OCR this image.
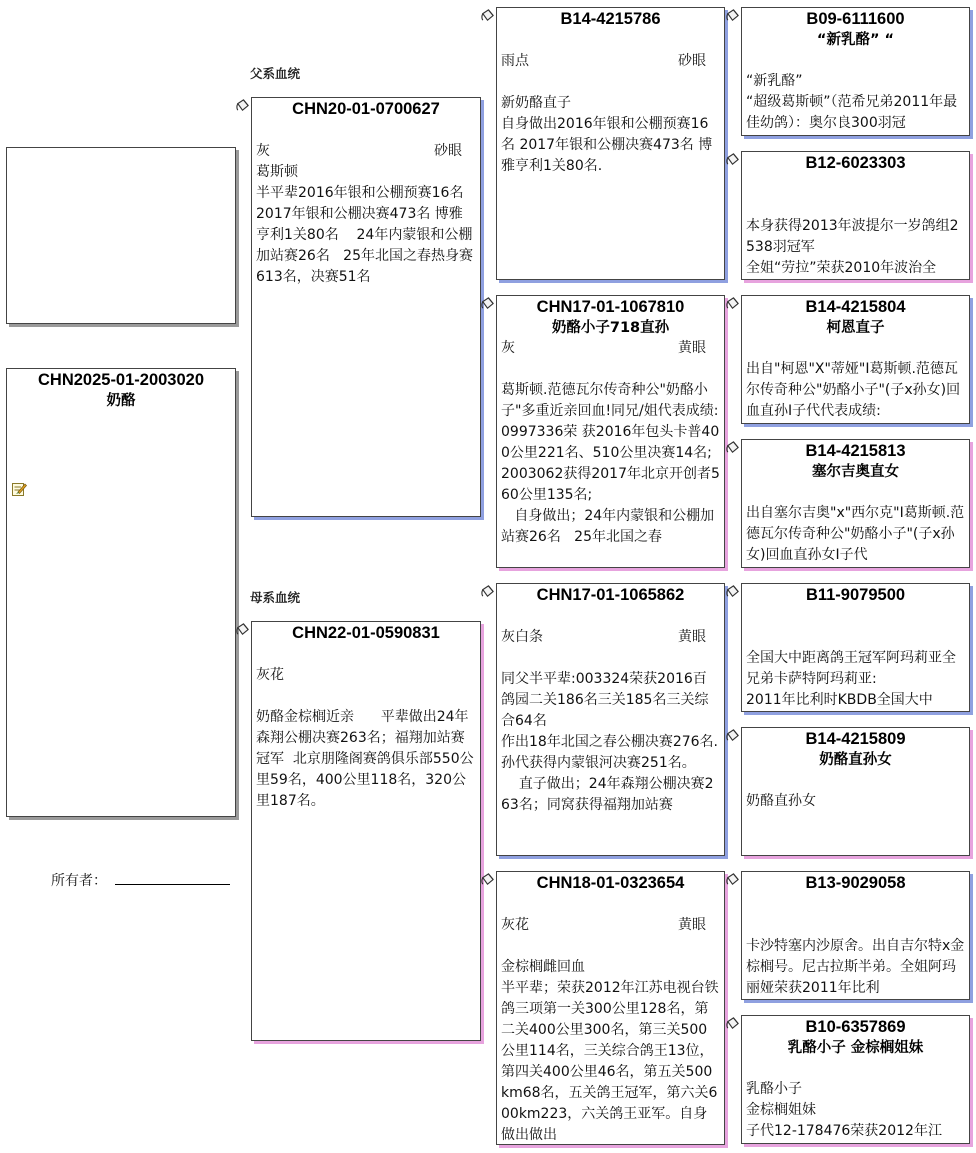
父系血统
母系血统
CHN2025-01-2003020
奶酪
所有者：
CHN20-01-0700627
灰	砂眼
葛斯顿
半平辈2016年银和公棚预赛16名 2017年银和公棚决赛473名 博雅亨利1关80名    24年内蒙银和公棚加站赛26名   25年北国之春热身赛613名，决赛51名
CHN22-01-0590831
灰花
奶酪金棕榈近亲      平辈做出24年森翔公棚决赛263名；福翔加站赛冠军  北京朋隆阁赛鸽俱乐部550公里59名，400公里118名，320公里187名。
B14-4215786
雨点	砂眼
新奶酪直子
自身做出2016年银和公棚预赛16名 2017年银和公棚决赛473名 博雅亨利1关80名.
CHN17-01-1067810
奶酪小子718直孙
灰	黄眼
葛斯顿.范德瓦尔传奇种公"奶酪小子"多重近亲回血!同兄/姐代表成绩: 0997336荣 获2016年包头卡普400公里221名、510公里决赛14名; 2003062获得2017年北京开创者560公里135名;
自身做出；24年内蒙银和公棚加站赛26名   25年北国之春
CHN17-01-1065862
灰白条	黄眼
同父半平辈:003324荣获2016百鸽园二关186名三关185名三关综合64名
作出18年北国之春公棚决赛276名.
孙代获得内蒙银河决赛251名。
直子做出；24年森翔公棚决赛263名；同窝获得福翔加站赛
CHN18-01-0323654
灰花	黄眼
金棕榈雌回血
半平辈；荣获2012年江苏电视台铁鸽三项第一关300公里128名，第二关400公里300名，第三关500公里114名，三关综合鸽王13位，第四关400公里46名，第五关500km68名，五关鸽王冠军，第六关600km223，六关鸽王亚军。自身做出做出
B09-6111600
“新乳酪” “
“新乳酪”
“超级葛斯顿”（范希兄弟2011年最佳幼鸽）：奥尔良300羽冠
B12-6023303
本身获得2013年波提尔一岁鸽组2538羽冠军
全姐“劳拉”荣获2010年波治全
B14-4215804
柯恩直子
出自"柯恩"X"蒂娅"I葛斯顿.范德瓦尔传奇种公"奶酪小子"(子x孙女)回血直孙I子代代表成绩:
B14-4215813
塞尔吉奥直女
出自塞尔吉奥"x"西尔克"I葛斯顿.范德瓦尔传奇种公"奶酪小子"(子x孙女)回血直孙女I子代
B11-9079500
全国大中距离鸽王冠军阿玛莉亚全兄弟卡萨特阿玛莉亚:
2011年比利时KBDB全国大中
B14-4215809
奶酪直孙女
奶酪直孙女
B13-9029058
卡沙特塞内沙原舍。出自吉尔特x金棕榈号。尼古拉斯半弟。全姐阿玛丽娅荣获2011年比利
B10-6357869
乳酪小子 金棕榈姐妹
乳酪小子
金棕榈姐妹
子代12-178476荣获2012年江
